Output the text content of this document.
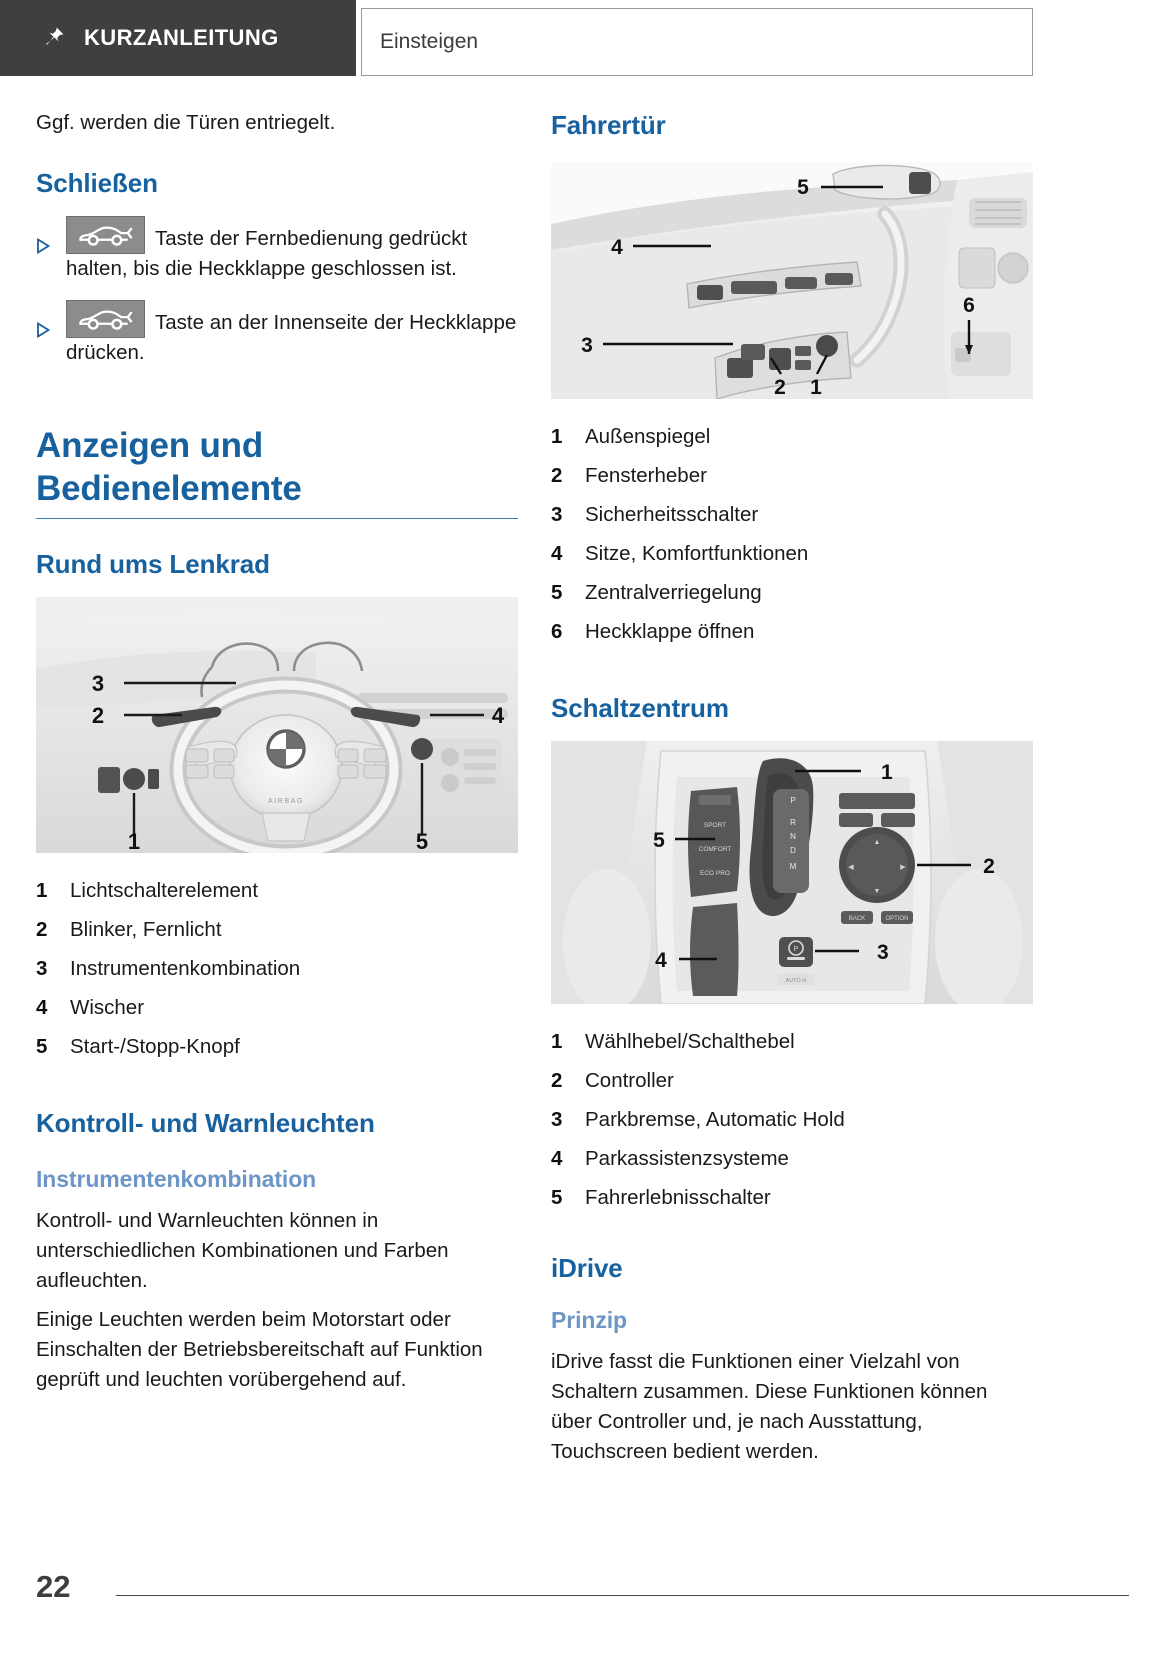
KURZANLEITUNG	Einsteigen

Ggf. werden die Türen entriegelt.

Schließen
Taste der Fernbedienung gedrückt halten, bis die Heckklappe geschlossen ist.
Taste an der Innenseite der Heckklappe drücken.
Anzeigen und Bedienelemente
Rund ums Lenkrad
AIRBAG
3
2	4
1	5
1	Lichtschalterelement
2	Blinker, Fernlicht
3	Instrumentenkombination
4	Wischer
5	Start-/Stopp-Knopf
Kontroll- und Warnleuchten
Instrumentenkombination

Kontroll- und Warnleuchten können in unterschiedlichen Kombinationen und Farben aufleuchten.

Einige Leuchten werden beim Motorstart oder Einschalten der Betriebsbereitschaft auf Funktion geprüft und leuchten vorübergehend auf.

Fahrertür
5
4
3
2 1
6
1	Außenspiegel
2	Fensterheber
3	Sicherheitsschalter
4	Sitze, Komfortfunktionen
5	Zentralverriegelung
6	Heckklappe öffnen
Schaltzentrum
P
R
N
D
M
SPORT
COMFORT
ECO PRO
▲
◀	▶
▼
BACK	OPTION
P
AUTO H
1
2
3
4
5
1	Wählhebel/Schalthebel
2	Controller
3	Parkbremse, Automatic Hold
4	Parkassistenzsysteme
5	Fahrerlebnisschalter
iDrive
Prinzip

iDrive fasst die Funktionen einer Vielzahl von Schaltern zusammen. Diese Funktionen können über Controller und, je nach Ausstattung, Touchscreen bedient werden.

22
